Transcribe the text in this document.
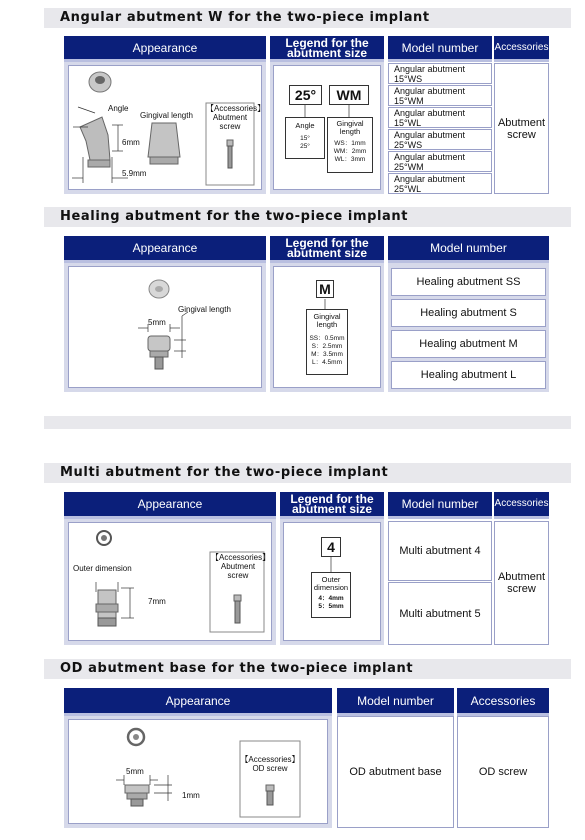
Angular abutment W for the two-piece implant
Appearance	Legend for the
abutment size	Model number	Accessories
Angle
Gingival length
6mm
5.9mm
【Accessories】
Abutment
screw
25°	WM
Angle
15°
25°
Gingival
length
WS：1mm
WM：2mm
WL：3mm
Angular abutment 15°WS
Angular abutment 15°WM
Angular abutment 15°WL
Angular abutment 25°WS
Angular abutment 25°WM
Angular abutment 25°WL
Abutment
screw
Healing abutment for the two-piece implant
Appearance	Legend for the
abutment size	Model number
Gingival length
5mm
M
Gingival
length
SS：0.5mm
S：2.5mm
M：3.5mm
L：4.5mm
Healing abutment SS
Healing abutment S
Healing abutment M
Healing abutment L
Multi abutment for the two-piece implant
Appearance	Legend for the
abutment size	Model number	Accessories
Outer dimension
7mm
【Accessories】
Abutment
screw
4
Outer
dimension
4：4mm
5：5mm
Multi abutment 4
Multi abutment 5
Abutment
screw
OD abutment base for the two-piece implant
Appearance	Model number	Accessories
5mm
1mm
【Accessories】
OD screw	OD abutment base	OD screw
